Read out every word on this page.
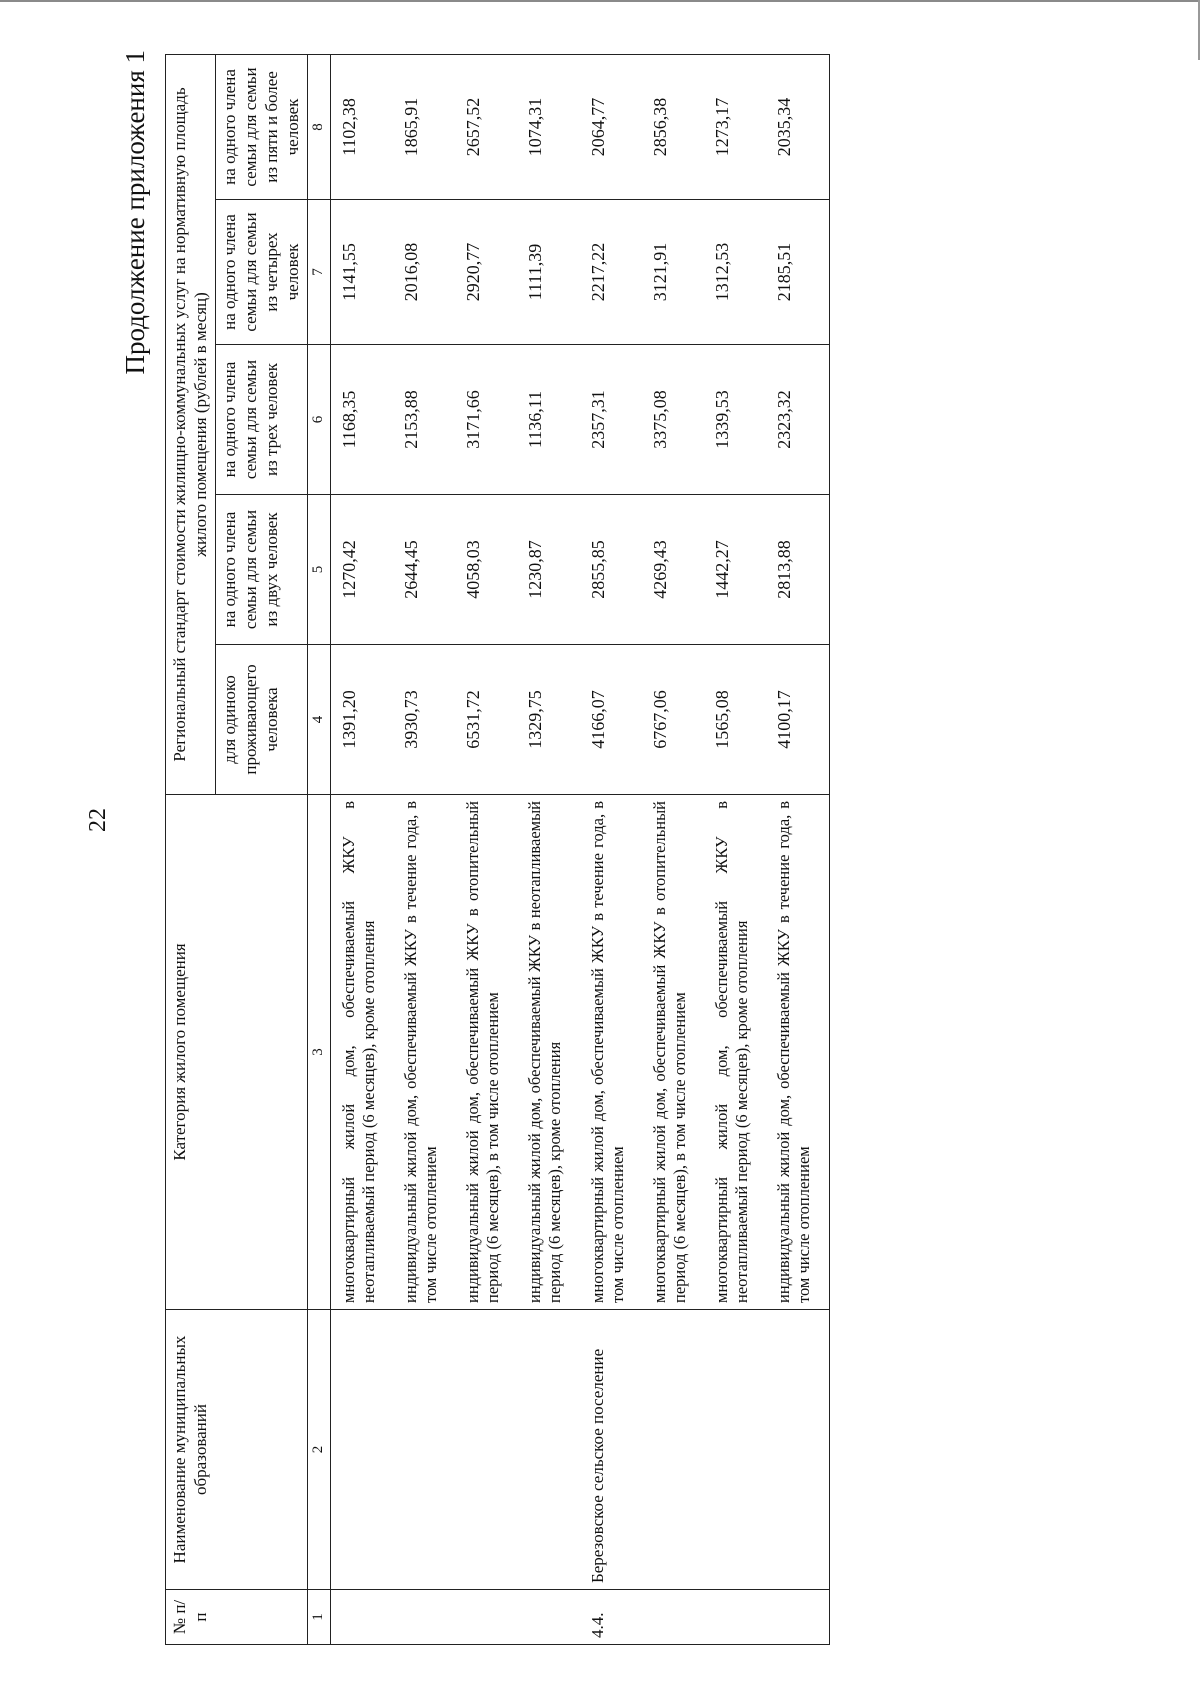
22
Продолжение приложения 1
№ п/п	Наименование муниципальных образований	Категория жилого помещения	Региональный стандарт стоимости жилищно-коммунальных услуг на нормативную площадь жилого помещения (рублей в месяц)				
			для одиноко проживающего человека	на одного члена семьи для семьи из двух человек	на одного члена семьи для семьи из трех человек	на одного члена семьи для семьи из четырех человек	на одного члена семьи для семьи из пяти и более человек
1	2	3	4	5	6	7	8
		многоквартирный жилой дом, обеспечиваемый ЖКУ в неотапливаемый период (6 месяцев), кроме отопления	1391,20	1270,42	1168,35	1141,55	1102,38
		индивидуальный жилой дом, обеспечиваемый ЖКУ в течение года, в том числе отоплением	3930,73	2644,45	2153,88	2016,08	1865,91
		индивидуальный жилой дом, обеспечиваемый ЖКУ в отопительный период (6 месяцев), в том числе отоплением	6531,72	4058,03	3171,66	2920,77	2657,52
		индивидуальный жилой дом, обеспечиваемый ЖКУ в неотапливаемый период (6 месяцев), кроме отопления	1329,75	1230,87	1136,11	1111,39	1074,31
4.4.	Березовское сельское поселение	многоквартирный жилой дом, обеспечиваемый ЖКУ в течение года, в том числе отоплением	4166,07	2855,85	2357,31	2217,22	2064,77
		многоквартирный жилой дом, обеспечиваемый ЖКУ в отопительный период (6 месяцев), в том числе отоплением	6767,06	4269,43	3375,08	3121,91	2856,38
		многоквартирный жилой дом, обеспечиваемый ЖКУ в неотапливаемый период (6 месяцев), кроме отопления	1565,08	1442,27	1339,53	1312,53	1273,17
		индивидуальный жилой дом, обеспечиваемый ЖКУ в течение года, в том числе отоплением	4100,17	2813,88	2323,32	2185,51	2035,34
